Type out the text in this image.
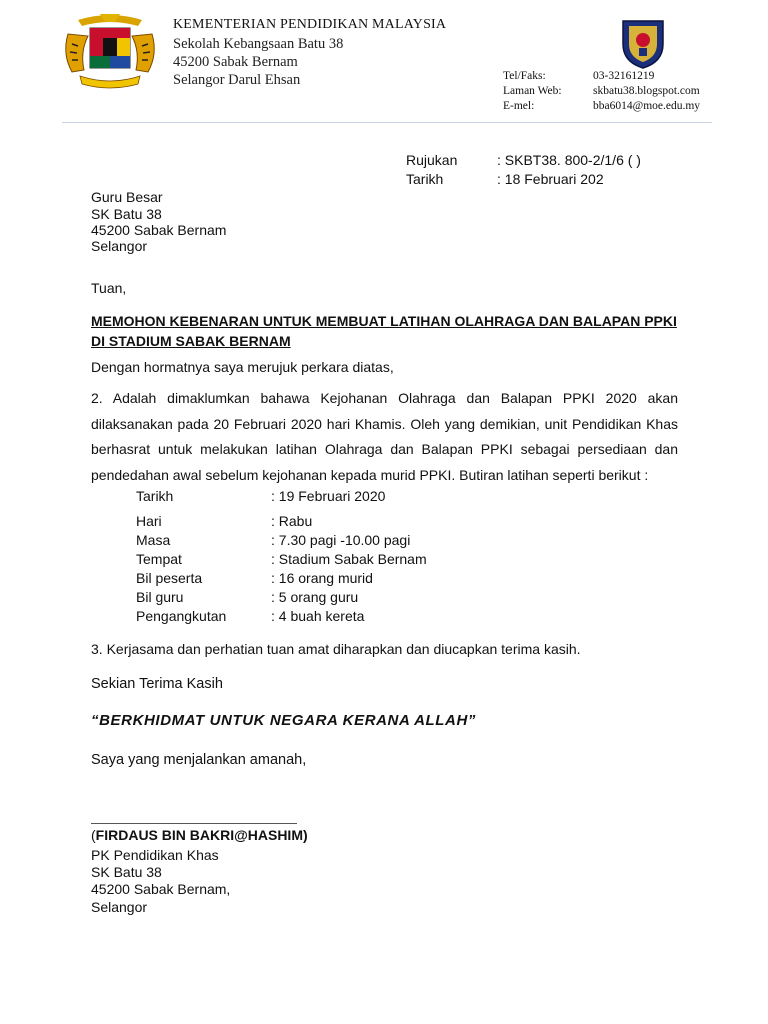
KEMENTERIAN PENDIDIKAN MALAYSIA
Sekolah Kebangsaan Batu 38
45200 Sabak Bernam
Selangor Darul Ehsan	Tel/Faks:	03-32161219
Laman Web:	skbatu38.blogspot.com
E-mel:	bba6014@moe.edu.my
Rujukan	: SKBT38. 800-2/1/6 ( )
Tarikh	: 18 Februari 202
Guru Besar
SK Batu 38
45200 Sabak Bernam
Selangor
Tuan,
MEMOHON KEBENARAN UNTUK MEMBUAT LATIHAN OLAHRAGA DAN BALAPAN PPKI DI STADIUM SABAK BERNAM
Dengan hormatnya saya merujuk perkara diatas,
2. Adalah dimaklumkan bahawa Kejohanan Olahraga dan Balapan PPKI 2020 akan dilaksanakan pada 20 Februari 2020 hari Khamis. Oleh yang demikian, unit Pendidikan Khas berhasrat untuk melakukan latihan Olahraga dan Balapan PPKI sebagai persediaan dan pendedahan awal sebelum kejohanan kepada murid PPKI. Butiran latihan seperti berikut :
Tarikh	: 19 Februari 2020
Hari	: Rabu
Masa	: 7.30 pagi -10.00 pagi
Tempat	: Stadium Sabak Bernam
Bil peserta	: 16 orang murid
Bil guru	: 5 orang guru
Pengangkutan	: 4 buah kereta
3. Kerjasama dan perhatian tuan amat diharapkan dan diucapkan terima kasih.
Sekian Terima Kasih
“BERKHIDMAT UNTUK NEGARA KERANA ALLAH”
Saya yang menjalankan amanah,
(FIRDAUS BIN BAKRI@HASHIM)
PK Pendidikan Khas
SK Batu 38
45200 Sabak Bernam,
Selangor
